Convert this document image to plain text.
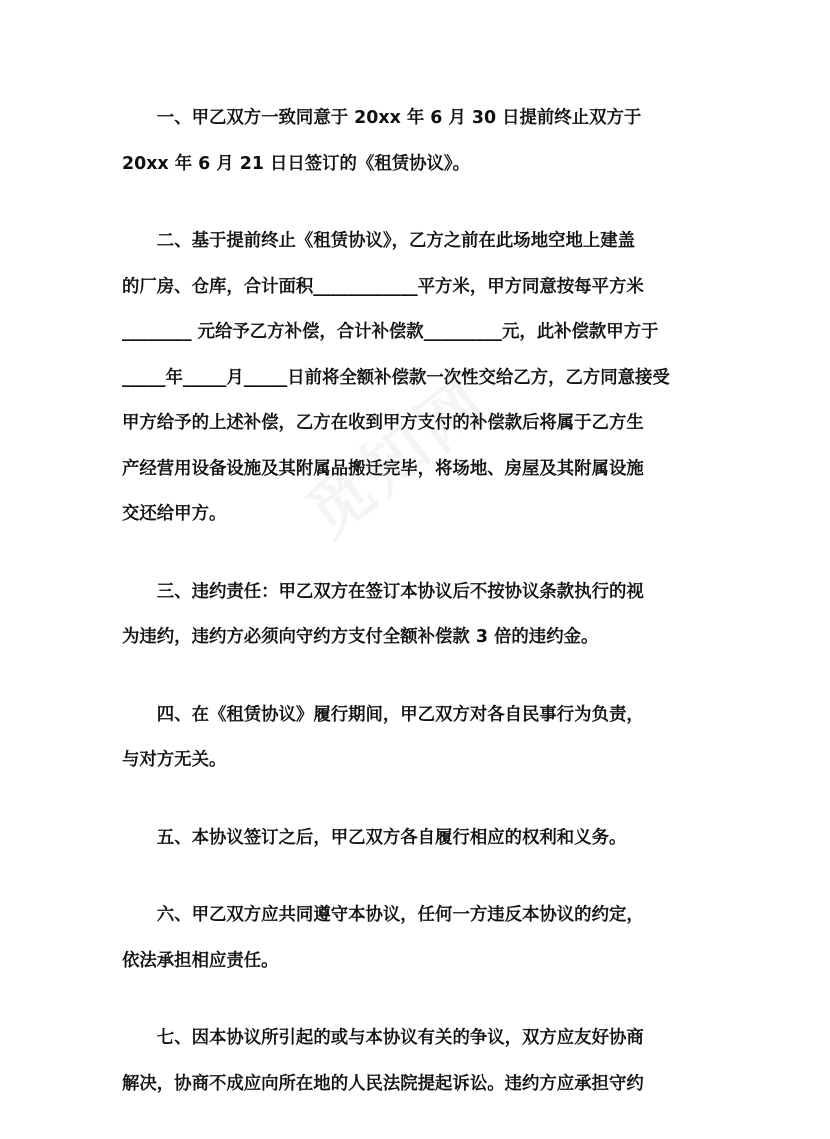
一、甲乙双方一致同意于 20xx 年 6 月 30 日提前终止双方于
20xx 年 6 月 21 日日签订的《租赁协议》。
二、基于提前终止《租赁协议》，乙方之前在此场地空地上建盖
的厂房、仓库，合计面积____________平方米，甲方同意按每平方米
________ 元给予乙方补偿，合计补偿款_________元，此补偿款甲方于
_____年_____月_____日前将全额补偿款一次性交给乙方，乙方同意接受
甲方给予的上述补偿，乙方在收到甲方支付的补偿款后将属于乙方生
产经营用设备设施及其附属品搬迁完毕，将场地、房屋及其附属设施
交还给甲方。
三、违约责任：甲乙双方在签订本协议后不按协议条款执行的视
为违约，违约方必须向守约方支付全额补偿款 3 倍的违约金。
四、在《租赁协议》履行期间，甲乙双方对各自民事行为负责，
与对方无关。
五、本协议签订之后，甲乙双方各自履行相应的权利和义务。
六、甲乙双方应共同遵守本协议，任何一方违反本协议的约定，
依法承担相应责任。
七、因本协议所引起的或与本协议有关的争议，双方应友好协商
解决，协商不成应向所在地的人民法院提起诉讼。违约方应承担守约
